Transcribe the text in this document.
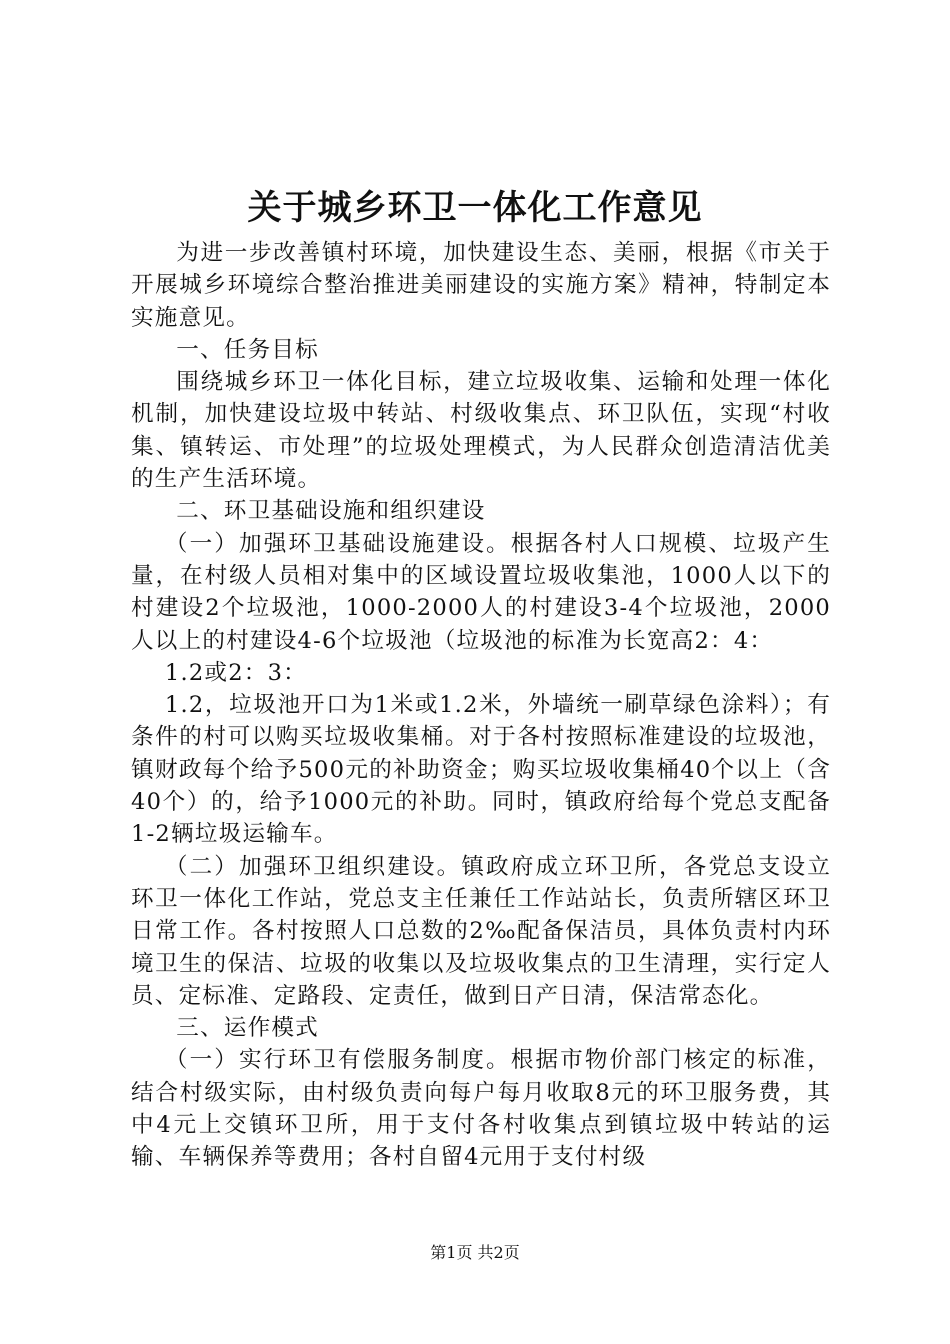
关于城乡环卫一体化工作意见

为进一步改善镇村环境，加快建设生态、美丽，根据《市关于开展城乡环境综合整治推进美丽建设的实施方案》精神，特制定本实施意见。

一、任务目标

围绕城乡环卫一体化目标，建立垃圾收集、运输和处理一体化机制，加快建设垃圾中转站、村级收集点、环卫队伍，实现“村收集、镇转运、市处理”的垃圾处理模式，为人民群众创造清洁优美的生产生活环境。

二、环卫基础设施和组织建设

（一）加强环卫基础设施建设。根据各村人口规模、垃圾产生量，在村级人员相对集中的区域设置垃圾收集池，1000人以下的村建设2个垃圾池，1000-2000人的村建设3-4个垃圾池，2000人以上的村建设4-6个垃圾池（垃圾池的标准为长宽高2：4：

1.2或2：3：

1.2，垃圾池开口为1米或1.2米，外墙统一刷草绿色涂料）；有条件的村可以购买垃圾收集桶。对于各村按照标准建设的垃圾池，镇财政每个给予500元的补助资金；购买垃圾收集桶40个以上（含40个）的，给予1000元的补助。同时，镇政府给每个党总支配备1-2辆垃圾运输车。

（二）加强环卫组织建设。镇政府成立环卫所，各党总支设立环卫一体化工作站，党总支主任兼任工作站站长，负责所辖区环卫日常工作。各村按照人口总数的2‰配备保洁员，具体负责村内环境卫生的保洁、垃圾的收集以及垃圾收集点的卫生清理，实行定人员、定标准、定路段、定责任，做到日产日清，保洁常态化。

三、运作模式

（一）实行环卫有偿服务制度。根据市物价部门核定的标准，结合村级实际，由村级负责向每户每月收取8元的环卫服务费，其中4元上交镇环卫所，用于支付各村收集点到镇垃圾中转站的运输、车辆保养等费用；各村自留4元用于支付村级

第1页 共2页
